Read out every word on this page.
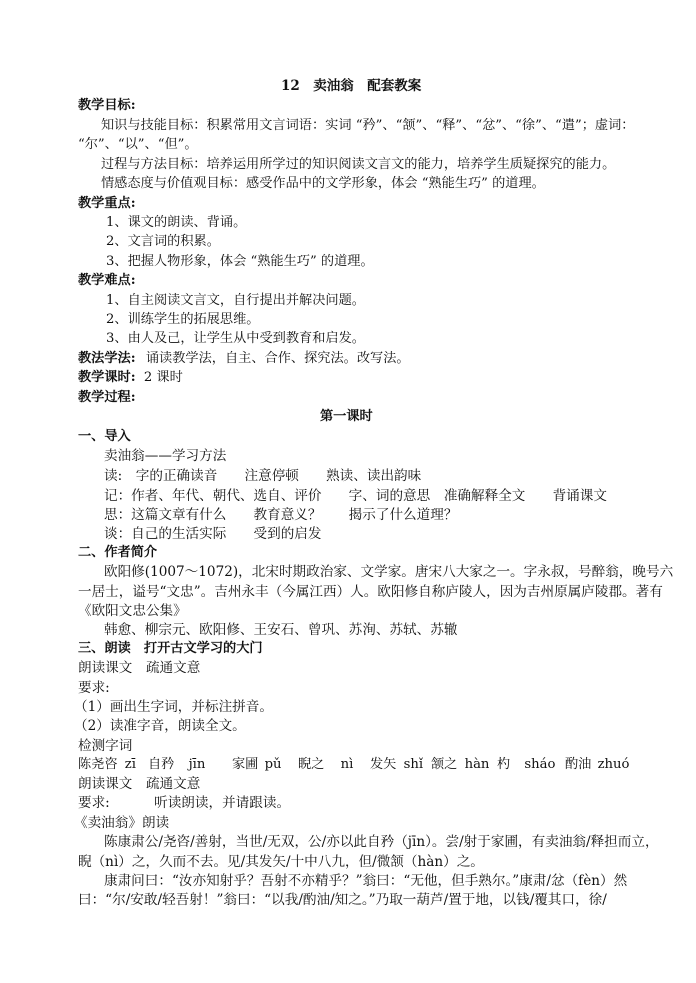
12　卖油翁　配套教案
教学目标:
知识与技能目标：积累常用文言词语：实词 “矜”、“颔”、“释”、“忿”、“徐”、“遣”；虚词：
“尔”、“以”、“但”。
过程与方法目标：培养运用所学过的知识阅读文言文的能力，培养学生质疑探究的能力。
情感态度与价值观目标：感受作品中的文学形象，体会 “熟能生巧” 的道理。
教学重点:
1、课文的朗读、背诵。
2、文言词的积累。
3、把握人物形象，体会 “熟能生巧” 的道理。
教学难点:
1、自主阅读文言文，自行提出并解决问题。
2、训练学生的拓展思维。
3、由人及己，让学生从中受到教育和启发。
教法学法: 诵读教学法，自主、合作、探究法。改写法。
教学课时: 2 课时
教学过程:
第一课时
一、导入
卖油翁——学习方法
读:　字的正确读音　　注意停顿　　熟读、读出韵味
记：作者、年代、朝代、选自、评价　　字、词的意思　准确解释全文　　背诵课文
思：这篇文章有什么　　教育意义？　　揭示了什么道理？
谈：自己的生活实际　　受到的启发
二、作者简介
欧阳修(1007～1072)，北宋时期政治家、文学家。唐宋八大家之一。字永叔，号醉翁，晚号六
一居士，谥号“文忠”。吉州永丰（今属江西）人。欧阳修自称庐陵人，因为吉州原属庐陵郡。著有
《欧阳文忠公集》
韩愈、柳宗元、欧阳修、王安石、曾巩、苏洵、苏轼、苏辙
三、朗读　打开古文学习的大门
朗读课文　疏通文意
要求:
（1）画出生字词，并标注拼音。
（2）读准字音，朗读全文。
检测字词
陈尧咨 zī 自矜 jīn 家圃 pǔ 睨之 nì 发矢 shǐ 颔之 hàn 杓 sháo 酌油 zhuó
朗读课文　疏通文意
要求:	听读朗读，并请跟读。
《卖油翁》朗读
陈康肃公/尧咨/善射，当世/无双，公/亦以此自矜（jīn）。尝/射于家圃，有卖油翁/释担而立，
睨（nì）之，久而不去。见/其发矢/十中八九，但/微颔（hàn）之。
康肃问曰：“汝亦知射乎？吾射不亦精乎？”翁曰：“无他，但手熟尔。”康肃/忿（fèn）然
曰：“尔/安敢/轻吾射！”翁曰：“以我/酌油/知之。”乃取一葫芦/置于地，以钱/覆其口，徐/
